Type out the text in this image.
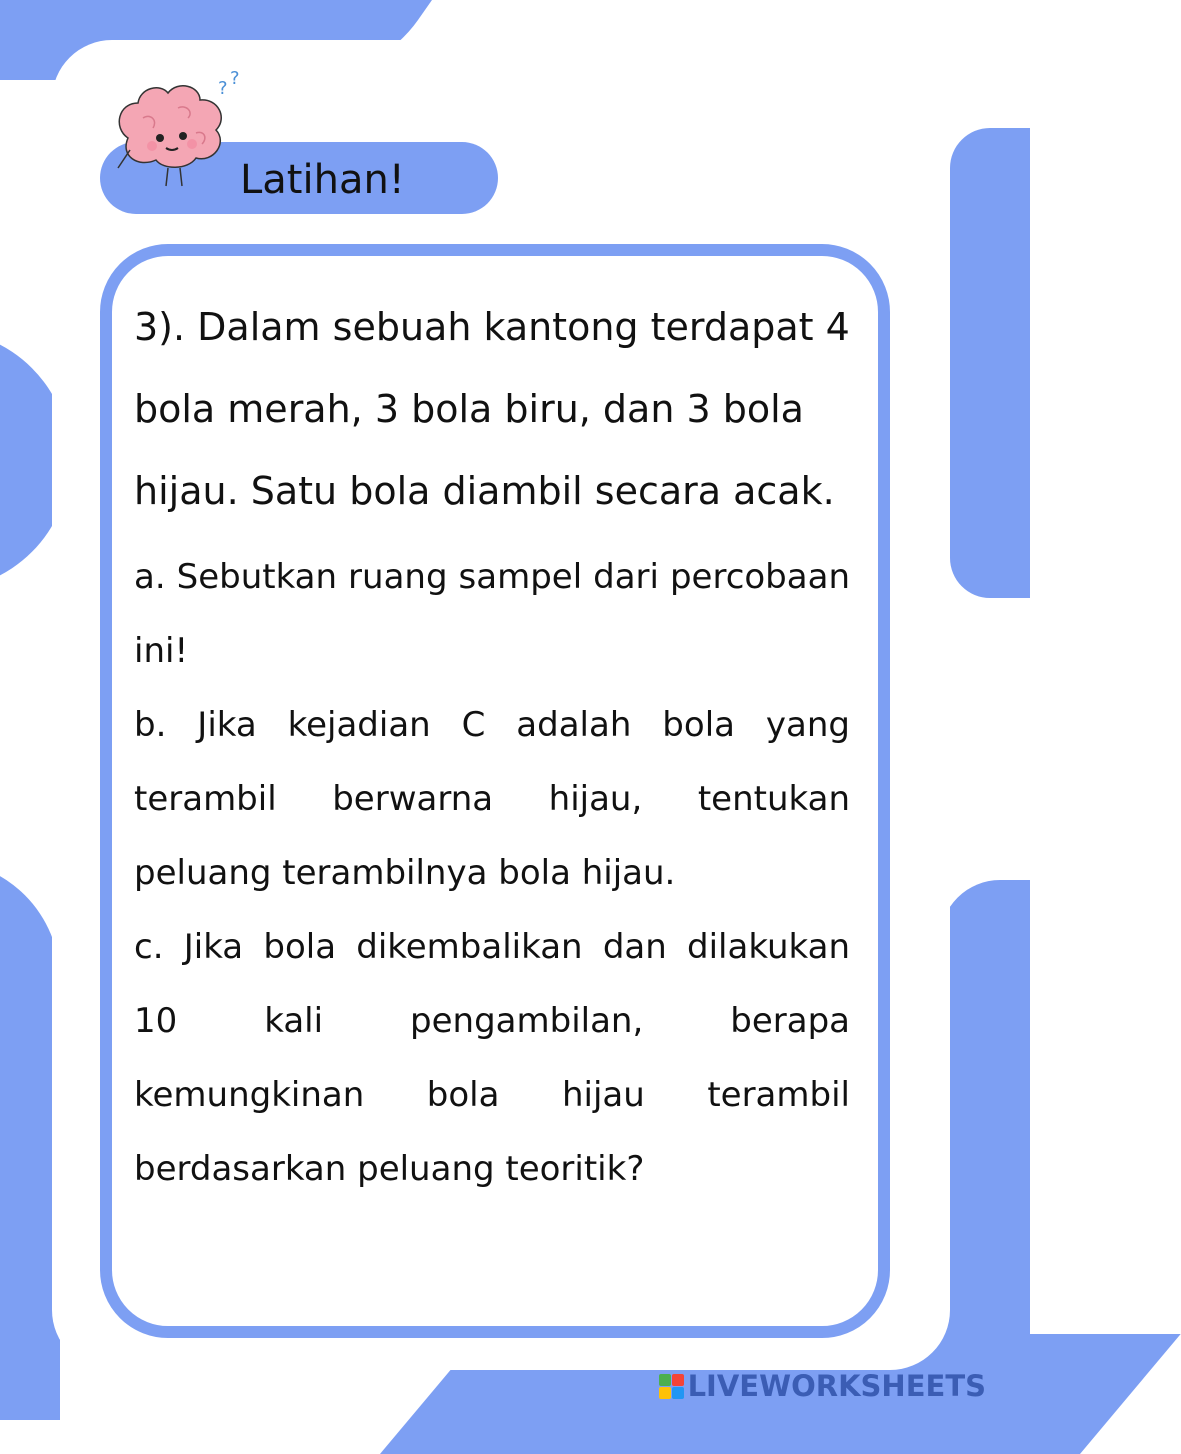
? ?
Latihan!
3). Dalam sebuah kantong terdapat 4 bola merah, 3 bola biru, dan 3 bola hijau. Satu bola diambil secara acak.
a. Sebutkan ruang sampel dari percobaan ini!
b. Jika kejadian C adalah bola yang terambil berwarna hijau, tentukan peluang terambilnya bola hijau.
c. Jika bola dikembalikan dan dilakukan 10 kali pengambilan, berapa kemungkinan bola hijau terambil berdasarkan peluang teoritik?
LIVEWORKSHEETS
